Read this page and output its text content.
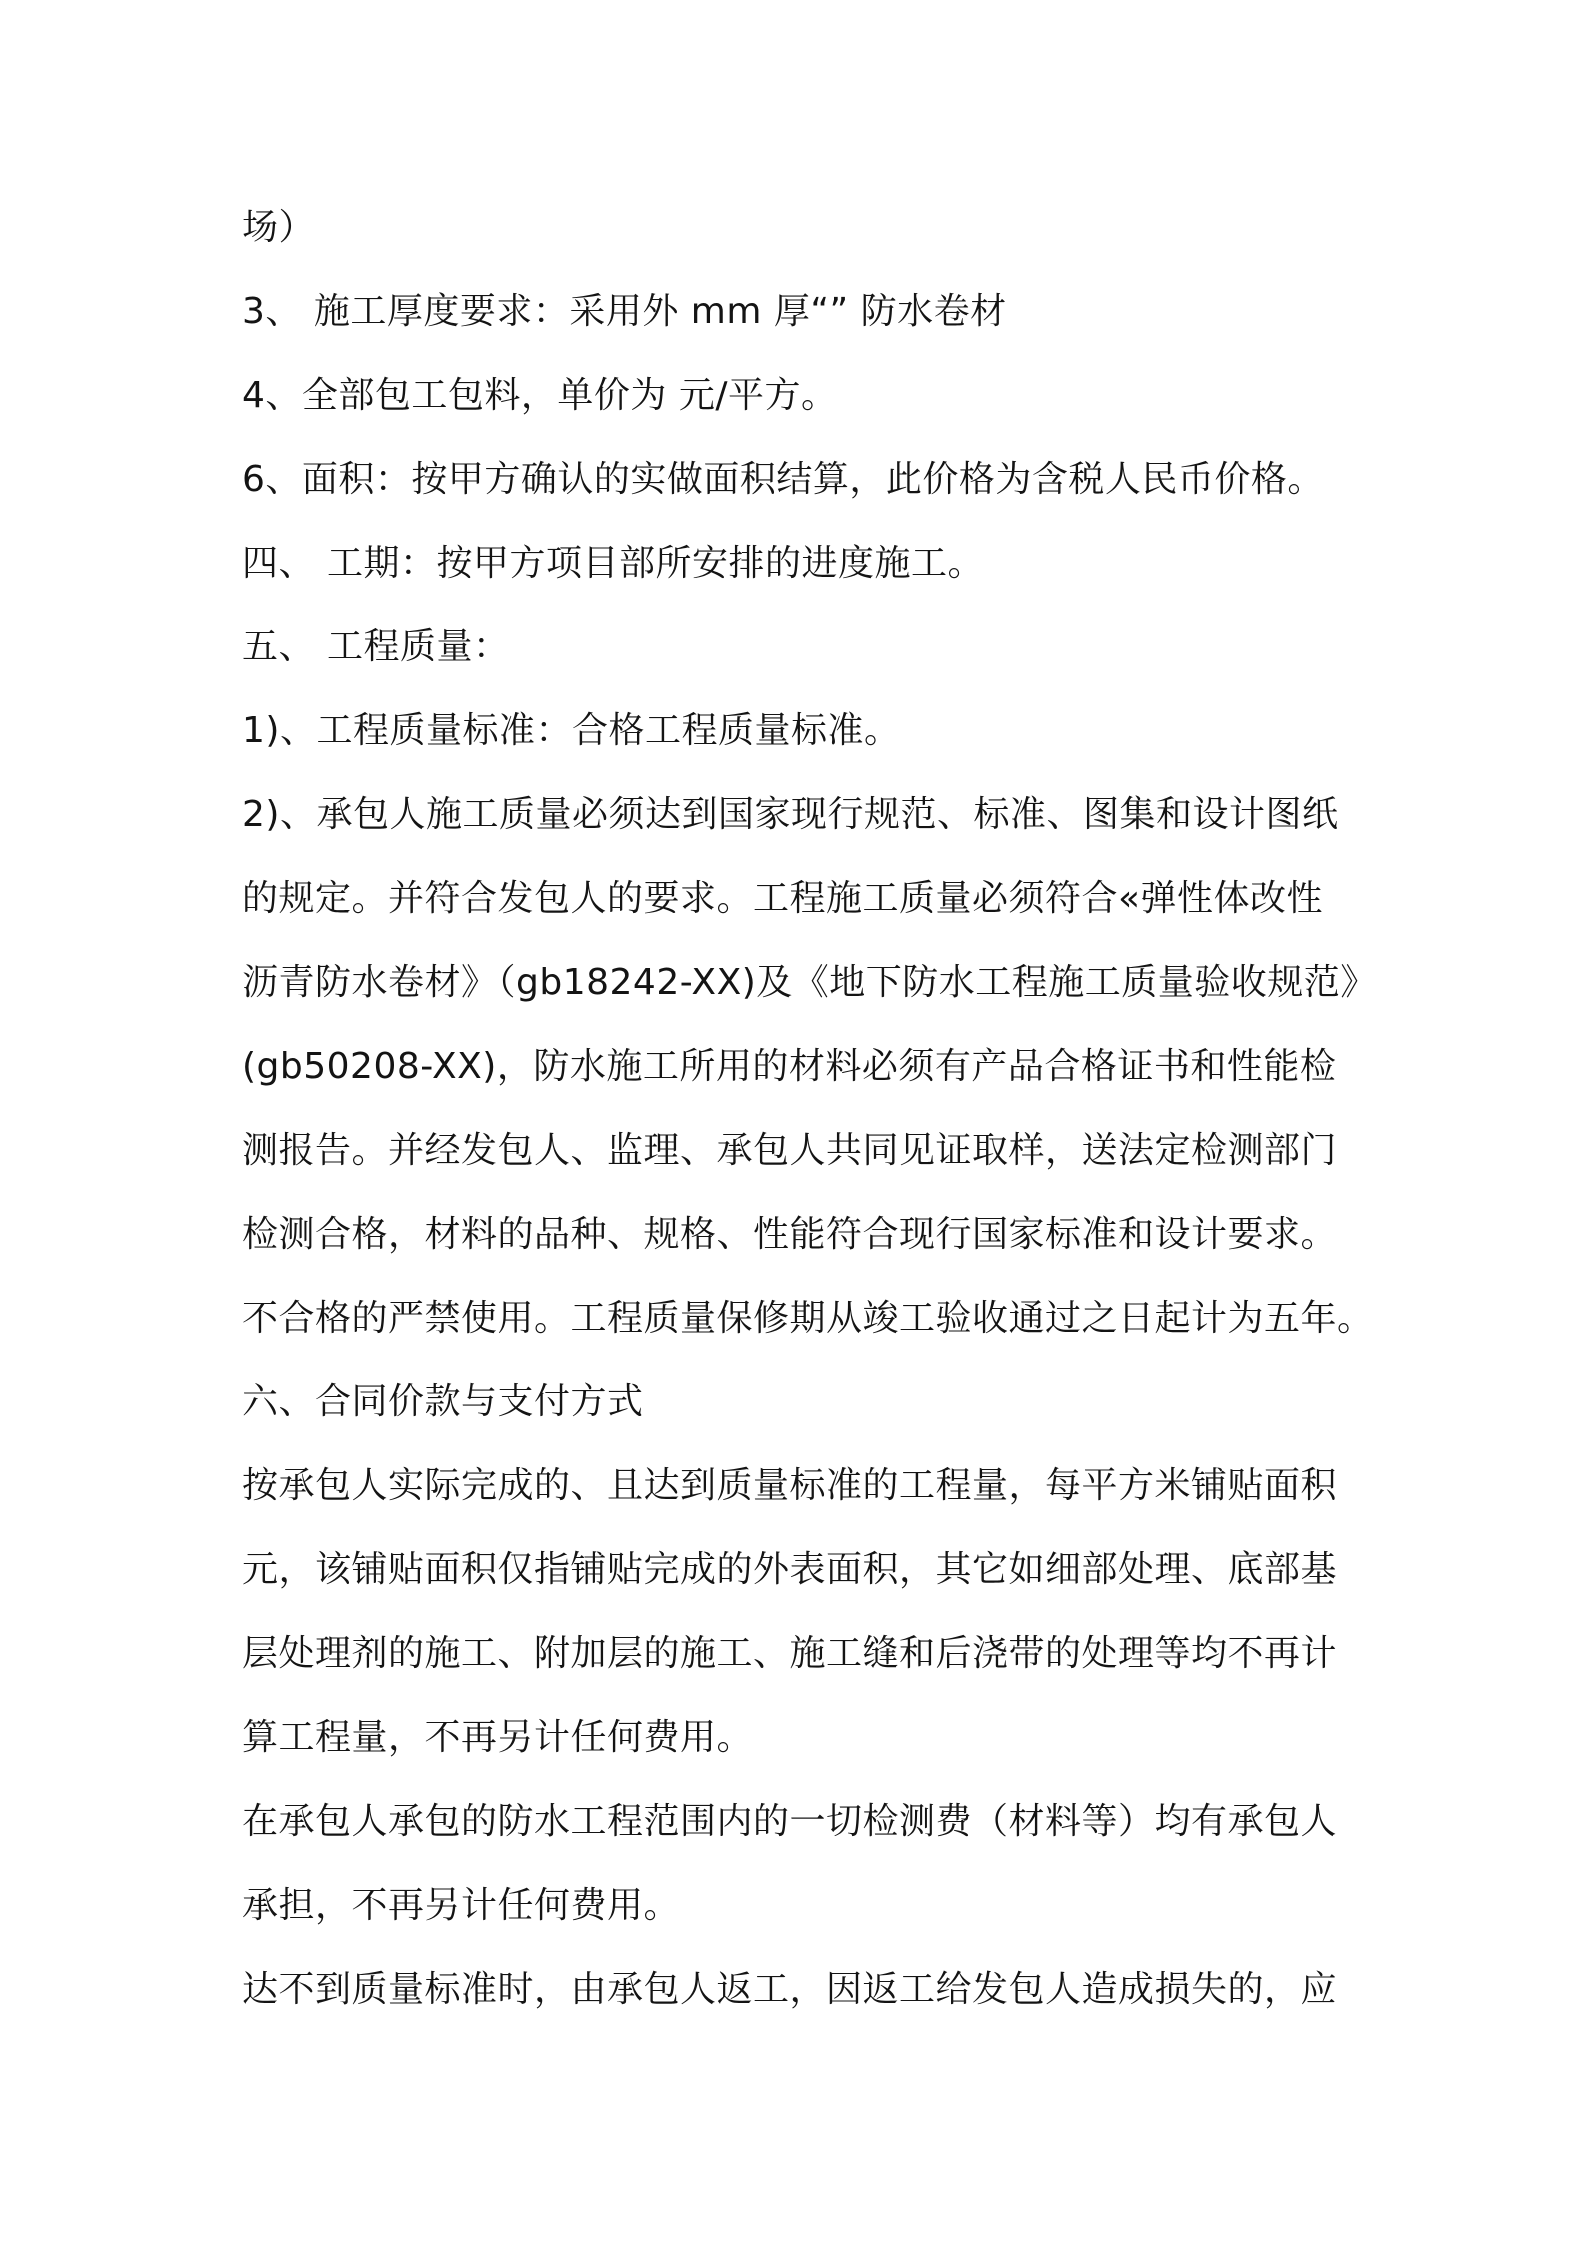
场）
3、 施工厚度要求：采用外 mm 厚“” 防水卷材
4、全部包工包料，单价为 元/平方。
6、面积：按甲方确认的实做面积结算，此价格为含税人民币价格。
四、 工期：按甲方项目部所安排的进度施工。
五、 工程质量：
1)、工程质量标准：合格工程质量标准。
2)、承包人施工质量必须达到国家现行规范、标准、图集和设计图纸
的规定。并符合发包人的要求。工程施工质量必须符合«弹性体改性
沥青防水卷材》（gb18242-XX)及《地下防水工程施工质量验收规范》
(gb50208-XX)，防水施工所用的材料必须有产品合格证书和性能检
测报告。并经发包人、监理、承包人共同见证取样，送法定检测部门
检测合格，材料的品种、规格、性能符合现行国家标准和设计要求。
不合格的严禁使用。工程质量保修期从竣工验收通过之日起计为五年。
六、合同价款与支付方式
按承包人实际完成的、且达到质量标准的工程量，每平方米铺贴面积
元，该铺贴面积仅指铺贴完成的外表面积，其它如细部处理、底部基
层处理剂的施工、附加层的施工、施工缝和后浇带的处理等均不再计
算工程量，不再另计任何费用。
在承包人承包的防水工程范围内的一切检测费（材料等）均有承包人
承担，不再另计任何费用。
达不到质量标准时，由承包人返工，因返工给发包人造成损失的，应
